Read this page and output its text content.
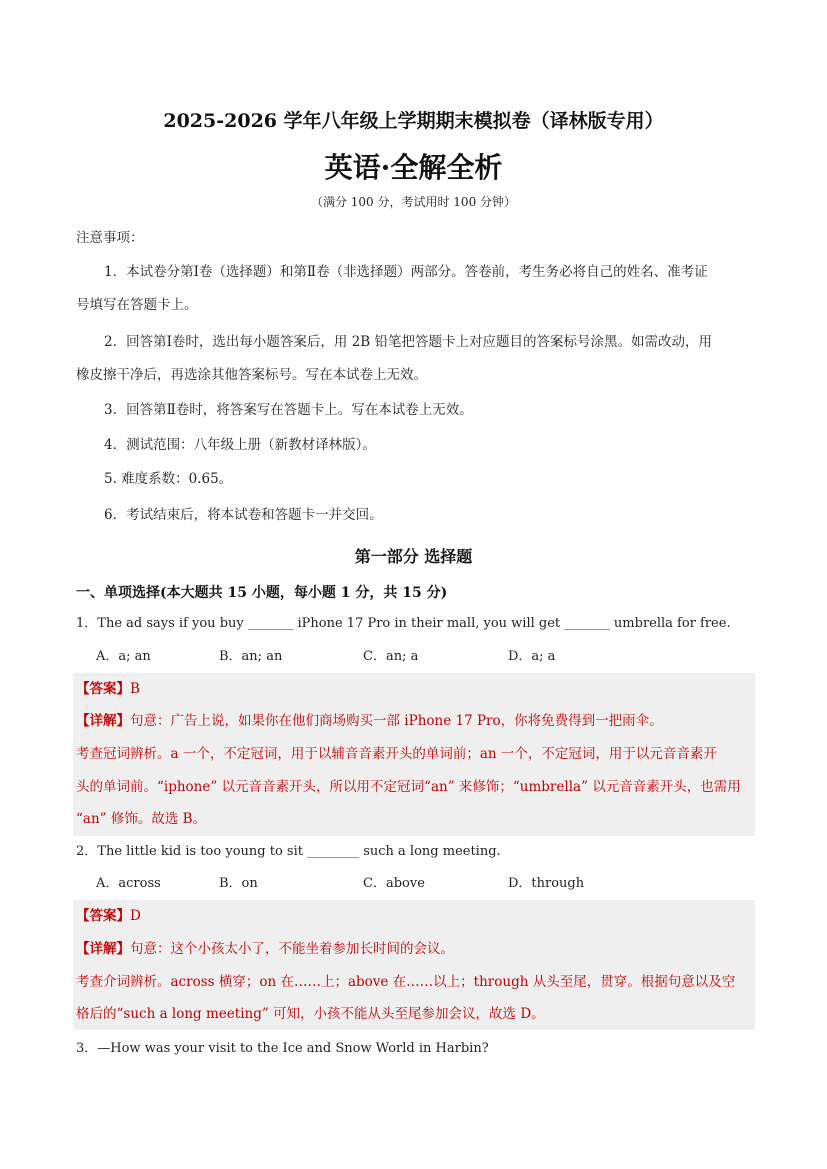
2025-2026 学年八年级上学期期末模拟卷（译林版专用）
英语·全解全析
（满分 100 分，考试用时 100 分钟）
注意事项：
1．本试卷分第Ⅰ卷（选择题）和第Ⅱ卷（非选择题）两部分。答卷前，考生务必将自己的姓名、准考证
号填写在答题卡上。
2．回答第Ⅰ卷时，选出每小题答案后，用 2B 铅笔把答题卡上对应题目的答案标号涂黑。如需改动，用
橡皮擦干净后，再选涂其他答案标号。写在本试卷上无效。
3．回答第Ⅱ卷时，将答案写在答题卡上。写在本试卷上无效。
4．测试范围：八年级上册（新教材译林版）。
5. 难度系数：0.65。
6．考试结束后，将本试卷和答题卡一并交回。
第一部分 选择题
一、单项选择(本大题共 15 小题，每小题 1 分，共 15 分)
1．The ad says if you buy _______ iPhone 17 Pro in their mall, you will get _______ umbrella for free.
A．a; an	B．an; an	C．an; a	D．a; a
【答案】B
【详解】句意：广告上说，如果你在他们商场购买一部 iPhone 17 Pro，你将免费得到一把雨伞。
考查冠词辨析。a 一个，不定冠词，用于以辅音音素开头的单词前；an 一个，不定冠词，用于以元音音素开
头的单词前。“iphone” 以元音音素开头，所以用不定冠词“an” 来修饰；“umbrella” 以元音音素开头，也需用
“an” 修饰。故选 B。
2．The little kid is too young to sit ________ such a long meeting.
A．across	B．on	C．above	D．through
【答案】D
【详解】句意：这个小孩太小了，不能坐着参加长时间的会议。
考查介词辨析。across 横穿；on 在……上；above 在……以上；through 从头至尾，贯穿。根据句意以及空
格后的“such a long meeting” 可知，小孩不能从头至尾参加会议，故选 D。
3．—How was your visit to the Ice and Snow World in Harbin?
